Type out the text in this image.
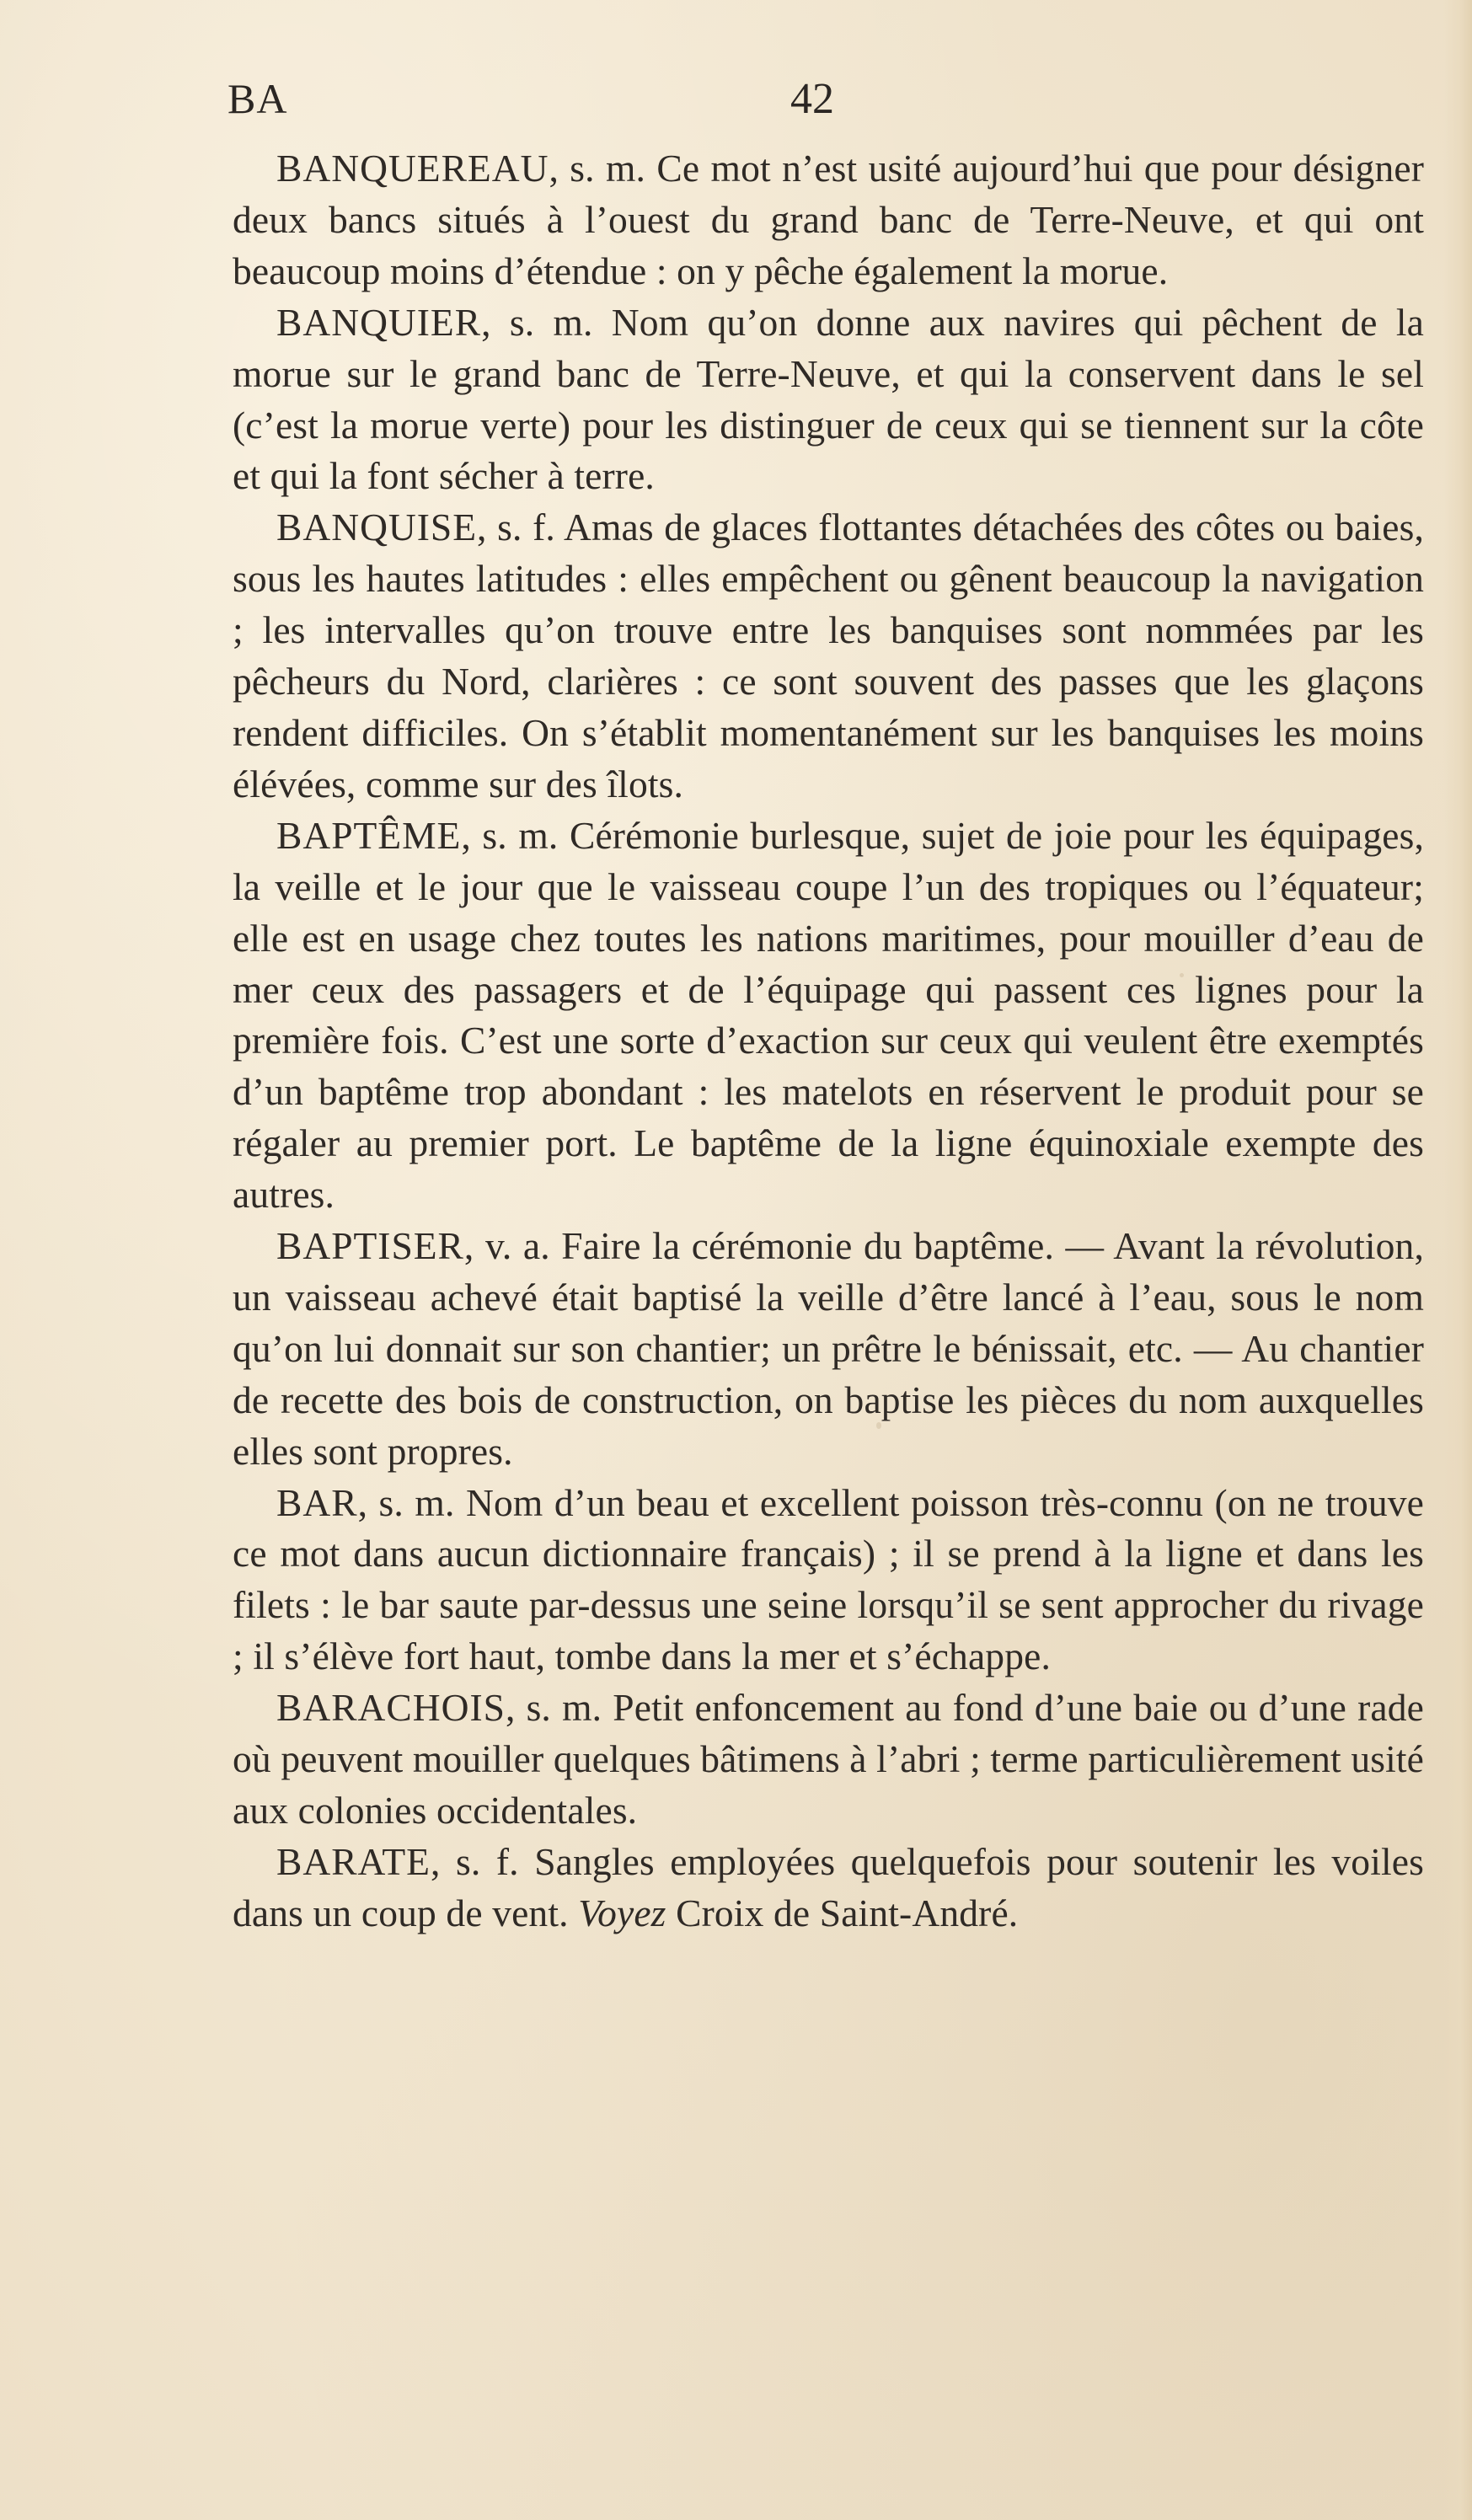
BA	42

BANQUEREAU, s. m. Ce mot n’est usité aujourd’hui que pour désigner deux bancs situés à l’ouest du grand banc de Terre-Neuve, et qui ont beaucoup moins d’étendue : on y pêche également la morue.

BANQUIER, s. m. Nom qu’on donne aux navires qui pêchent de la morue sur le grand banc de Terre-Neuve, et qui la conservent dans le sel (c’est la morue verte) pour les distinguer de ceux qui se tiennent sur la côte et qui la font sécher à terre.

BANQUISE, s. f. Amas de glaces flottantes détachées des côtes ou baies, sous les hautes latitudes : elles empêchent ou gênent beaucoup la navigation ; les intervalles qu’on trouve entre les banquises sont nommées par les pêcheurs du Nord, clarières : ce sont souvent des passes que les glaçons rendent difficiles. On s’établit momentanément sur les banquises les moins élévées, comme sur des îlots.

BAPTÊME, s. m. Cérémonie burlesque, sujet de joie pour les équipages, la veille et le jour que le vaisseau coupe l’un des tropiques ou l’équateur; elle est en usage chez toutes les nations maritimes, pour mouiller d’eau de mer ceux des passagers et de l’équipage qui passent ces lignes pour la première fois. C’est une sorte d’exaction sur ceux qui veulent être exemptés d’un baptême trop abondant : les matelots en réservent le produit pour se régaler au premier port. Le baptême de la ligne équinoxiale exempte des autres.

BAPTISER, v. a. Faire la cérémonie du baptême. — Avant la révolution, un vaisseau achevé était baptisé la veille d’être lancé à l’eau, sous le nom qu’on lui donnait sur son chantier; un prêtre le bénissait, etc. — Au chantier de recette des bois de construction, on baptise les pièces du nom auxquelles elles sont propres.

BAR, s. m. Nom d’un beau et excellent poisson très-connu (on ne trouve ce mot dans aucun dictionnaire français) ; il se prend à la ligne et dans les filets : le bar saute par-dessus une seine lorsqu’il se sent approcher du rivage ; il s’élève fort haut, tombe dans la mer et s’échappe.

BARACHOIS, s. m. Petit enfoncement au fond d’une baie ou d’une rade où peuvent mouiller quelques bâtimens à l’abri ; terme particulièrement usité aux colonies occidentales.

BARATE, s. f. Sangles employées quelquefois pour soutenir les voiles dans un coup de vent. Voyez Croix de Saint-André.
